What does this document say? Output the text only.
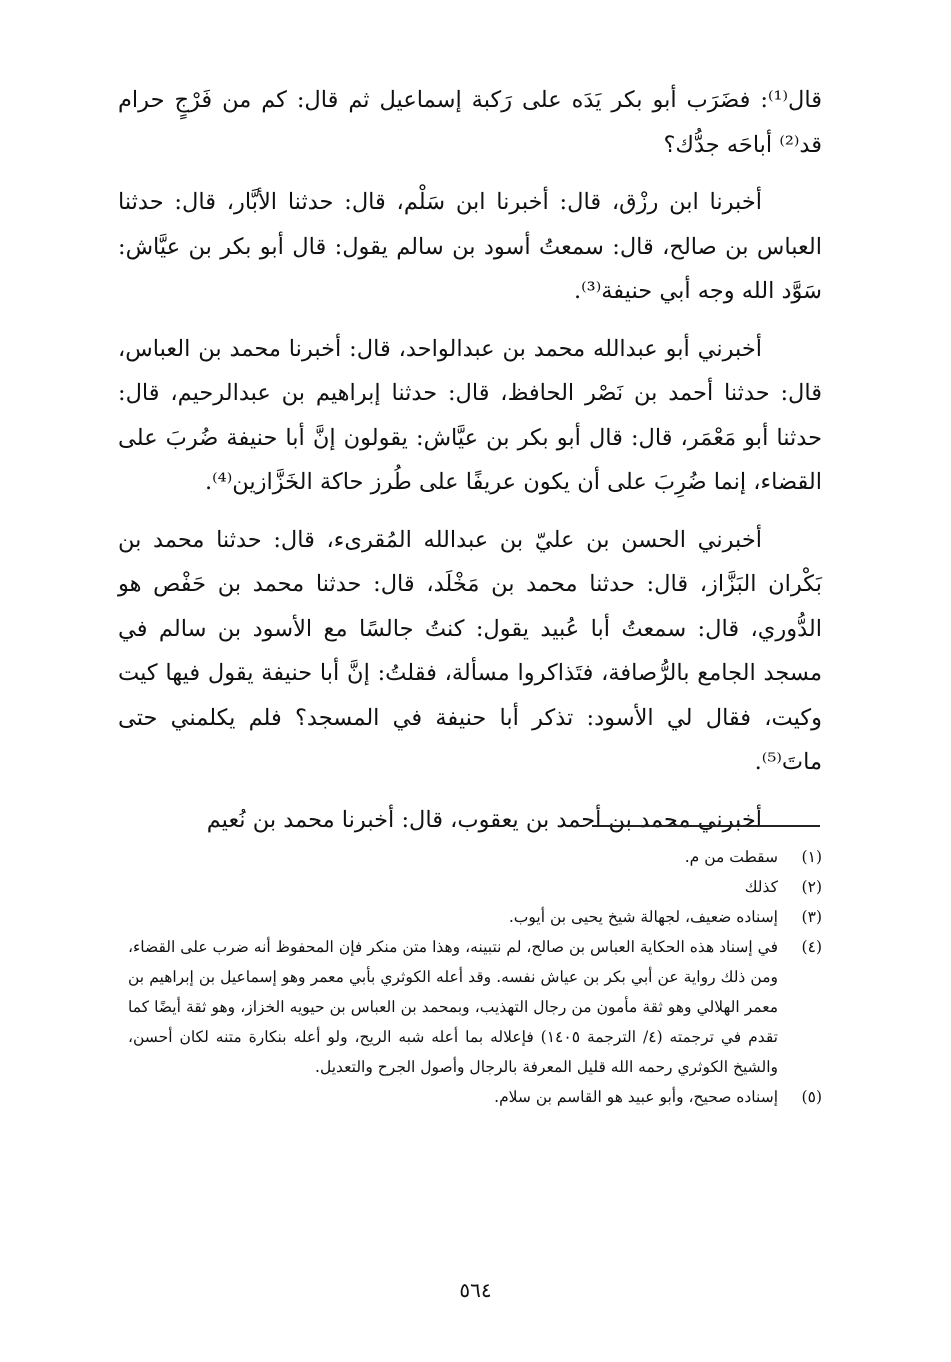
قال⁽¹⁾: فضَرَب أبو بكر يَدَه على رَكبة إسماعيل ثم قال: كم من فَرْجٍ حرام قد⁽²⁾ أباحَه جدُّك؟

أخبرنا ابن رزْق، قال: أخبرنا ابن سَلْم، قال: حدثنا الأبَّار، قال: حدثنا العباس بن صالح، قال: سمعتُ أسود بن سالم يقول: قال أبو بكر بن عيَّاش: سَوَّد الله وجه أبي حنيفة⁽³⁾.

أخبرني أبو عبدالله محمد بن عبدالواحد، قال: أخبرنا محمد بن العباس، قال: حدثنا أحمد بن نَصْر الحافظ، قال: حدثنا إبراهيم بن عبدالرحيم، قال: حدثنا أبو مَعْمَر، قال: قال أبو بكر بن عيَّاش: يقولون إنَّ أبا حنيفة ضُربَ على القضاء، إنما ضُرِبَ على أن يكون عريفًا على طُرز حاكة الخَزَّازين⁽⁴⁾.

أخبرني الحسن بن عليّ بن عبدالله المُقرىء، قال: حدثنا محمد بن بَكْران البَزَّاز، قال: حدثنا محمد بن مَخْلَد، قال: حدثنا محمد بن حَفْص هو الدُّوري، قال: سمعتُ أبا عُبيد يقول: كنتُ جالسًا مع الأسود بن سالم في مسجد الجامع بالرُّصافة، فتَذاكروا مسألة، فقلتُ: إنَّ أبا حنيفة يقول فيها كيت وكيت، فقال لي الأسود: تذكر أبا حنيفة في المسجد؟ فلم يكلمني حتى ماتَ⁽⁵⁾.

أخبرني محمد بن أحمد بن يعقوب، قال: أخبرنا محمد بن نُعيم

(١)
سقطت من م.
(٢)
كذلك
(٣)
إسناده ضعيف، لجهالة شيخ يحيى بن أيوب.
(٤)
في إسناد هذه الحكاية العباس بن صالح، لم نتبينه، وهذا متن منكر فإن المحفوظ أنه ضرب على القضاء، ومن ذلك رواية عن أبي بكر بن عياش نفسه. وقد أعله الكوثري بأبي معمر وهو إسماعيل بن إبراهيم بن معمر الهلالي وهو ثقة مأمون من رجال التهذيب، وبمحمد بن العباس بن حيويه الخزاز، وهو ثقة أيضًا كما تقدم في ترجمته (٤/ الترجمة ١٤٠٥) فإعلاله بما أعله شبه الريح، ولو أعله بنكارة متنه لكان أحسن، والشيخ الكوثري رحمه الله قليل المعرفة بالرجال وأصول الجرح والتعديل.
(٥)
إسناده صحيح، وأبو عبيد هو القاسم بن سلام.
٥٦٤
